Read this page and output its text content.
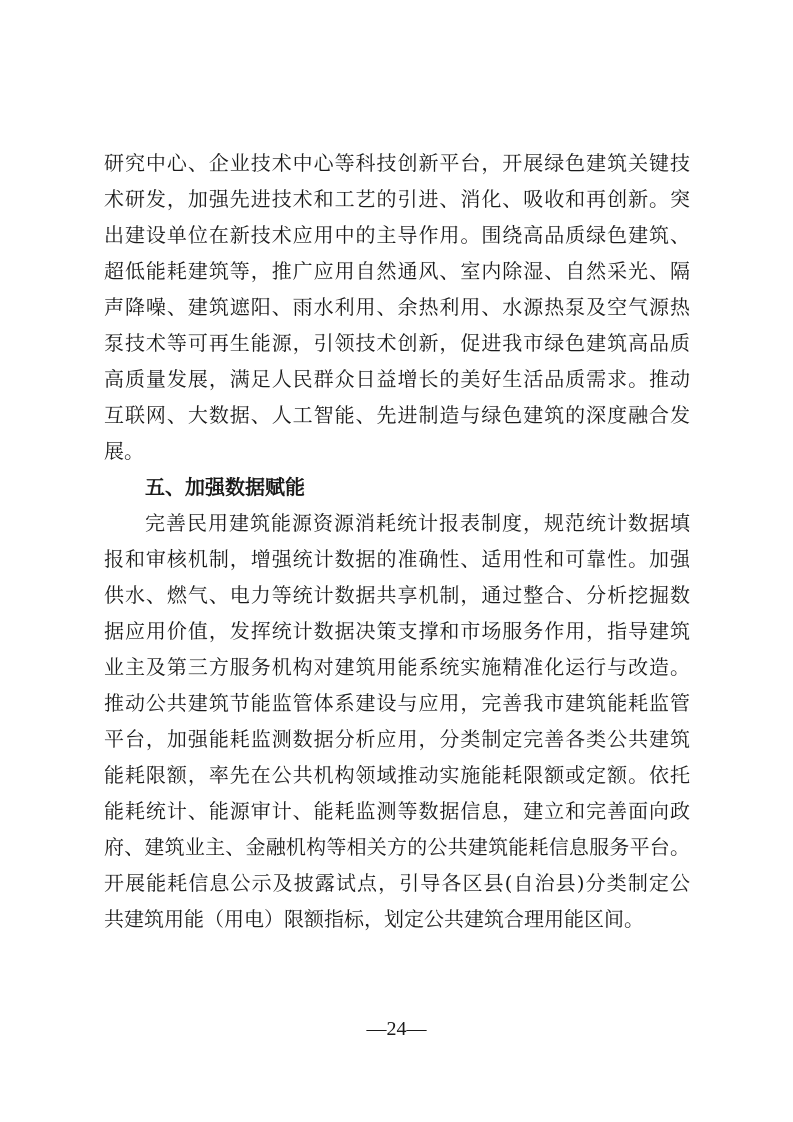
研究中心、企业技术中心等科技创新平台，开展绿色建筑关键技
术研发，加强先进技术和工艺的引进、消化、吸收和再创新。突
出建设单位在新技术应用中的主导作用。围绕高品质绿色建筑、
超低能耗建筑等，推广应用自然通风、室内除湿、自然采光、隔
声降噪、建筑遮阳、雨水利用、余热利用、水源热泵及空气源热
泵技术等可再生能源，引领技术创新，促进我市绿色建筑高品质
高质量发展，满足人民群众日益增长的美好生活品质需求。推动
互联网、大数据、人工智能、先进制造与绿色建筑的深度融合发
展。
五、加强数据赋能
完善民用建筑能源资源消耗统计报表制度，规范统计数据填
报和审核机制，增强统计数据的准确性、适用性和可靠性。加强
供水、燃气、电力等统计数据共享机制，通过整合、分析挖掘数
据应用价值，发挥统计数据决策支撑和市场服务作用，指导建筑
业主及第三方服务机构对建筑用能系统实施精准化运行与改造。
推动公共建筑节能监管体系建设与应用，完善我市建筑能耗监管
平台，加强能耗监测数据分析应用，分类制定完善各类公共建筑
能耗限额，率先在公共机构领域推动实施能耗限额或定额。依托
能耗统计、能源审计、能耗监测等数据信息，建立和完善面向政
府、建筑业主、金融机构等相关方的公共建筑能耗信息服务平台。
开展能耗信息公示及披露试点，引导各区县(自治县)分类制定公
共建筑用能（用电）限额指标，划定公共建筑合理用能区间。
—24—
